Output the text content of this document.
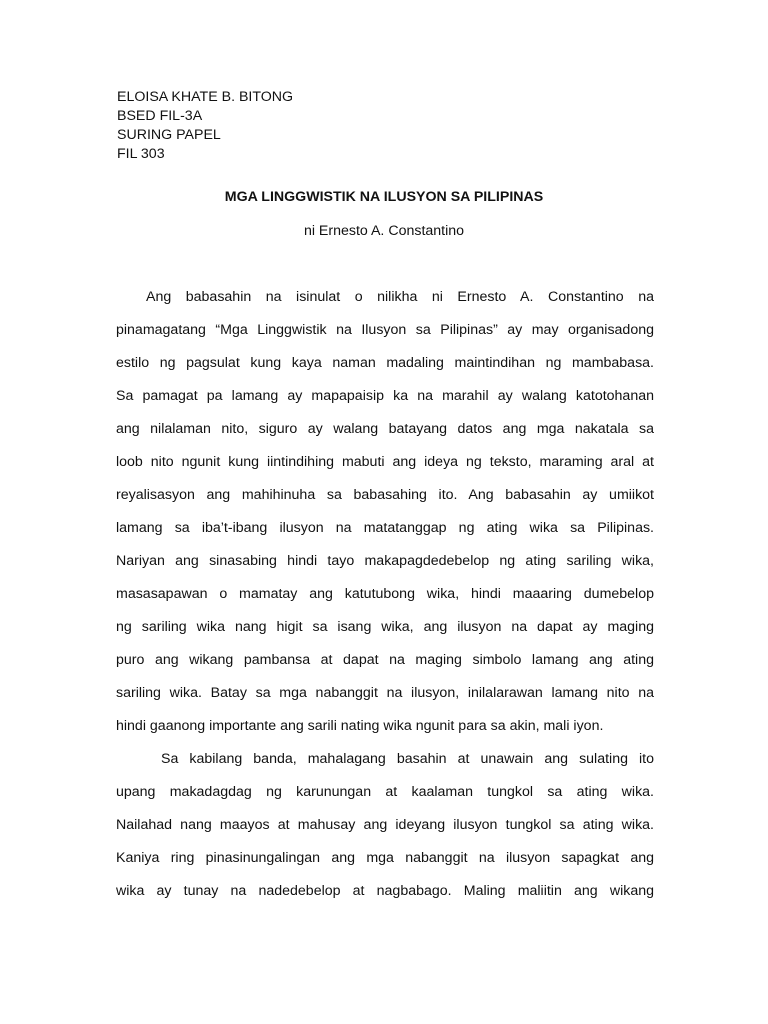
ELOISA KHATE B. BITONG
BSED FIL-3A
SURING PAPEL
FIL 303
MGA LINGGWISTIK NA ILUSYON SA PILIPINAS
ni Ernesto A. Constantino
Ang babasahin na isinulat o nilikha ni Ernesto A. Constantino na
pinamagatang “Mga Linggwistik na Ilusyon sa Pilipinas” ay may organisadong
estilo ng pagsulat kung kaya naman madaling maintindihan ng mambabasa.
Sa pamagat pa lamang ay mapapaisip ka na marahil ay walang katotohanan
ang nilalaman nito, siguro ay walang batayang datos ang mga nakatala sa
loob nito ngunit kung iintindihing mabuti ang ideya ng teksto, maraming aral at
reyalisasyon ang mahihinuha sa babasahing ito. Ang babasahin ay umiikot
lamang sa iba’t-ibang ilusyon na matatanggap ng ating wika sa Pilipinas.
Nariyan ang sinasabing hindi tayo makapagdedebelop ng ating sariling wika,
masasapawan o mamatay ang katutubong wika, hindi maaaring dumebelop
ng sariling wika nang higit sa isang wika, ang ilusyon na dapat ay maging
puro ang wikang pambansa at dapat na maging simbolo lamang ang ating
sariling wika. Batay sa mga nabanggit na ilusyon, inilalarawan lamang nito na
hindi gaanong importante ang sarili nating wika ngunit para sa akin, mali iyon.
Sa kabilang banda, mahalagang basahin at unawain ang sulating ito
upang makadagdag ng karunungan at kaalaman tungkol sa ating wika.
Nailahad nang maayos at mahusay ang ideyang ilusyon tungkol sa ating wika.
Kaniya ring pinasinungalingan ang mga nabanggit na ilusyon sapagkat ang
wika ay tunay na nadedebelop at nagbabago. Maling maliitin ang wikang
